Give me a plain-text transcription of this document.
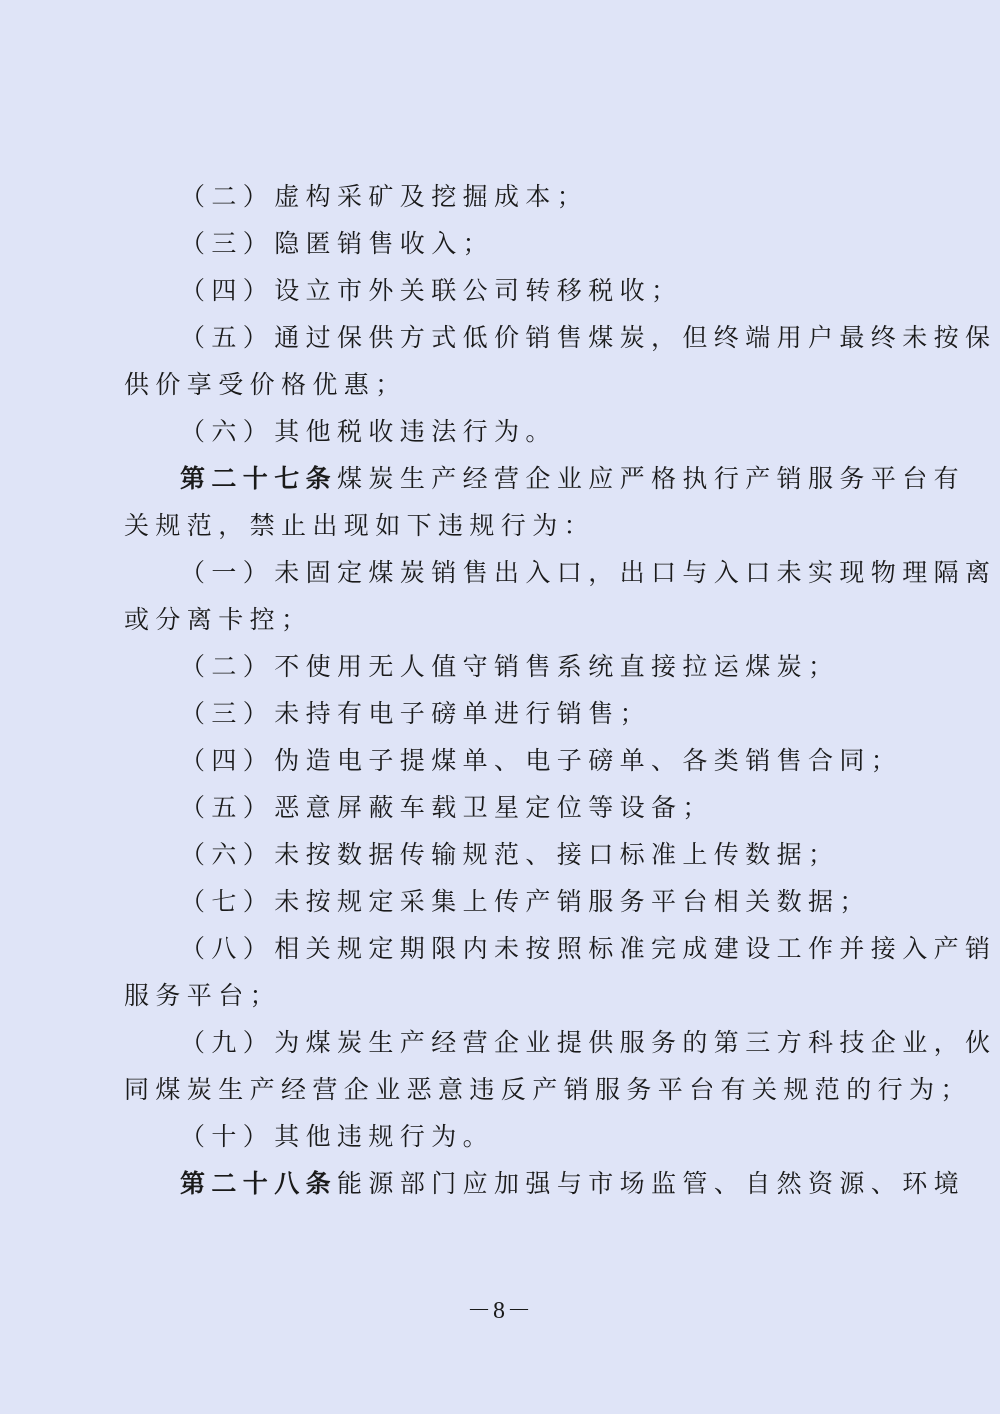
（二）虚构采矿及挖掘成本；
（三）隐匿销售收入；
（四）设立市外关联公司转移税收；
（五）通过保供方式低价销售煤炭，但终端用户最终未按保
供价享受价格优惠；
（六）其他税收违法行为。
第二十七条煤炭生产经营企业应严格执行产销服务平台有
关规范，禁止出现如下违规行为：
（一）未固定煤炭销售出入口，出口与入口未实现物理隔离
或分离卡控；
（二）不使用无人值守销售系统直接拉运煤炭；
（三）未持有电子磅单进行销售；
（四）伪造电子提煤单、电子磅单、各类销售合同；
（五）恶意屏蔽车载卫星定位等设备；
（六）未按数据传输规范、接口标准上传数据；
（七）未按规定采集上传产销服务平台相关数据；
（八）相关规定期限内未按照标准完成建设工作并接入产销
服务平台；
（九）为煤炭生产经营企业提供服务的第三方科技企业，伙
同煤炭生产经营企业恶意违反产销服务平台有关规范的行为；
（十）其他违规行为。
第二十八条能源部门应加强与市场监管、自然资源、环境
－8－
